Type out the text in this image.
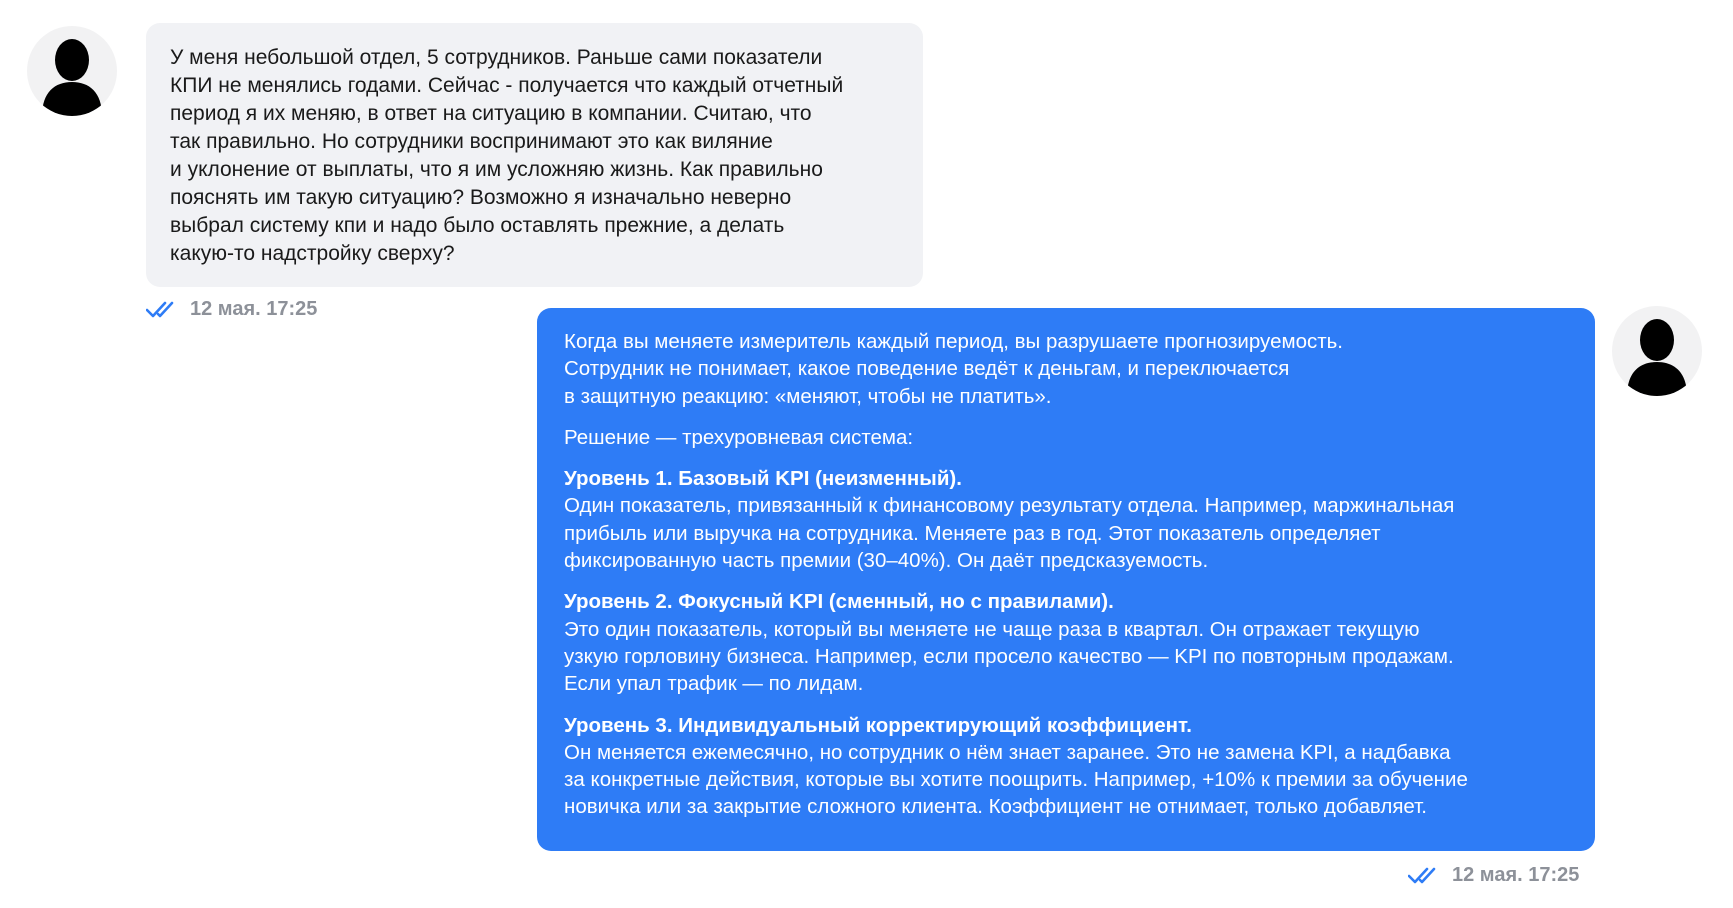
У меня небольшой отдел, 5 сотрудников. Раньше сами показатели
КПИ не менялись годами. Сейчас - получается что каждый отчетный
период я их меняю, в ответ на ситуацию в компании. Считаю, что
так правильно. Но сотрудники воспринимают это как виляние
и уклонение от выплаты, что я им усложняю жизнь. Как правильно
пояснять им такую ситуацию? Возможно я изначально неверно
выбрал систему кпи и надо было оставлять прежние, а делать
какую-то надстройку сверху?
12 мая. 17:25
Когда вы меняете измеритель каждый период, вы разрушаете прогнозируемость.
Сотрудник не понимает, какое поведение ведёт к деньгам, и переключается
в защитную реакцию: «меняют, чтобы не платить».
Решение — трехуровневая система:
Уровень 1. Базовый KPI (неизменный).
Один показатель, привязанный к финансовому результату отдела. Например, маржинальная
прибыль или выручка на сотрудника. Меняете раз в год. Этот показатель определяет
фиксированную часть премии (30–40%). Он даёт предсказуемость.
Уровень 2. Фокусный KPI (сменный, но с правилами).
Это один показатель, который вы меняете не чаще раза в квартал. Он отражает текущую
узкую горловину бизнеса. Например, если просело качество — KPI по повторным продажам.
Если упал трафик — по лидам.
Уровень 3. Индивидуальный корректирующий коэффициент.
Он меняется ежемесячно, но сотрудник о нём знает заранее. Это не замена KPI, а надбавка
за конкретные действия, которые вы хотите поощрить. Например, +10% к премии за обучение
новичка или за закрытие сложного клиента. Коэффициент не отнимает, только добавляет.
12 мая. 17:25
